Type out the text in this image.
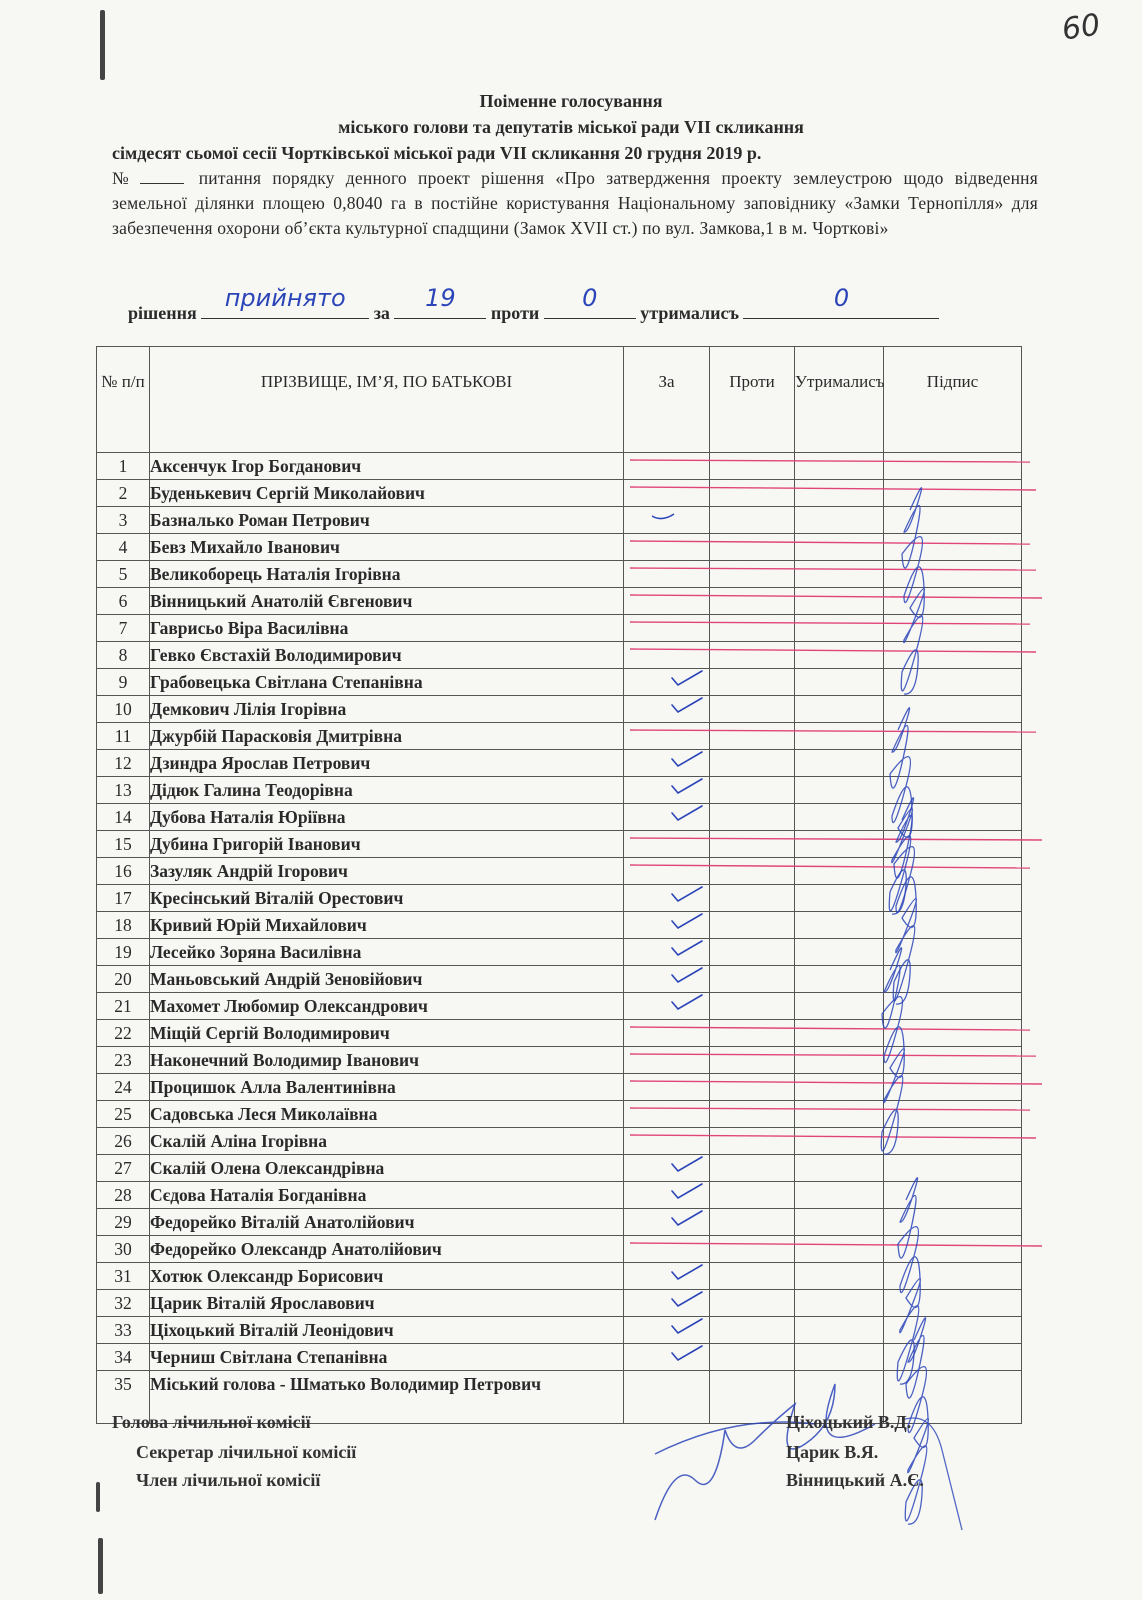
60
Поіменне голосування
міського голови та депутатів міської ради VII скликання
сімдесят сьомої сесії Чортківської міської ради VII скликання 20 грудня 2019 р.
№	питання порядку денного проект рішення «Про затвердження проекту землеустрою щодо відведення земельної ділянки площею 0,8040 га в постійне користування Національному заповіднику «Замки Тернопілля» для забезпечення охорони об’єкта культурної спадщини (Замок XVII ст.) по вул. Замкова,1 в м. Чорткові»
рішення
прийнято
за
19
проти
0
утрималисъ
0
№ п/п	ПРІЗВИЩЕ, ІМ’Я, ПО БАТЬКОВІ	За	Проти	Утрималисъ	Підпис
1	Аксенчук Ігор Богданович				
2	Буденькевич Сергій Миколайович				
3	Базналько Роман Петрович				
4	Бевз Михайло Іванович				
5	Великоборець Наталія Ігорівна				
6	Вінницький Анатолій Євгенович				
7	Гаврисьо Віра Василівна				
8	Гевко Євстахій Володимирович				
9	Грабовецька Світлана Степанівна				
10	Демкович Лілія Ігорівна				
11	Джурбій Парасковія Дмитрівна				
12	Дзиндра Ярослав Петрович				
13	Дідюк Галина Теодорівна				
14	Дубова Наталія Юріївна				
15	Дубина Григорій Іванович				
16	Зазуляк Андрій Ігорович				
17	Кресінський Віталій Орестович				
18	Кривий Юрій Михайлович				
19	Лесейко Зоряна Василівна				
20	Маньовський Андрій Зеновійович				
21	Махомет Любомир Олександрович				
22	Міщій Сергій Володимирович				
23	Наконечний Володимир Іванович				
24	Процишок Алла Валентинівна				
25	Садовська Леся Миколаївна				
26	Скалій Аліна Ігорівна				
27	Скалій Олена Олександрівна				
28	Сєдова Наталія Богданівна				
29	Федорейко Віталій Анатолійович				
30	Федорейко Олександр Анатолійович				
31	Хотюк Олександр Борисович				
32	Царик Віталій Ярославович				
33	Ціхоцький Віталій Леонідович				
34	Черниш Світлана Степанівна				
35	Міський голова - Шматько Володимир Петрович				
Голова лічильної комісії
Секретар лічильної комісії
Член лічильної комісії
Ціхоцький В.Д.
Царик В.Я.
Вінницький А.Є.
